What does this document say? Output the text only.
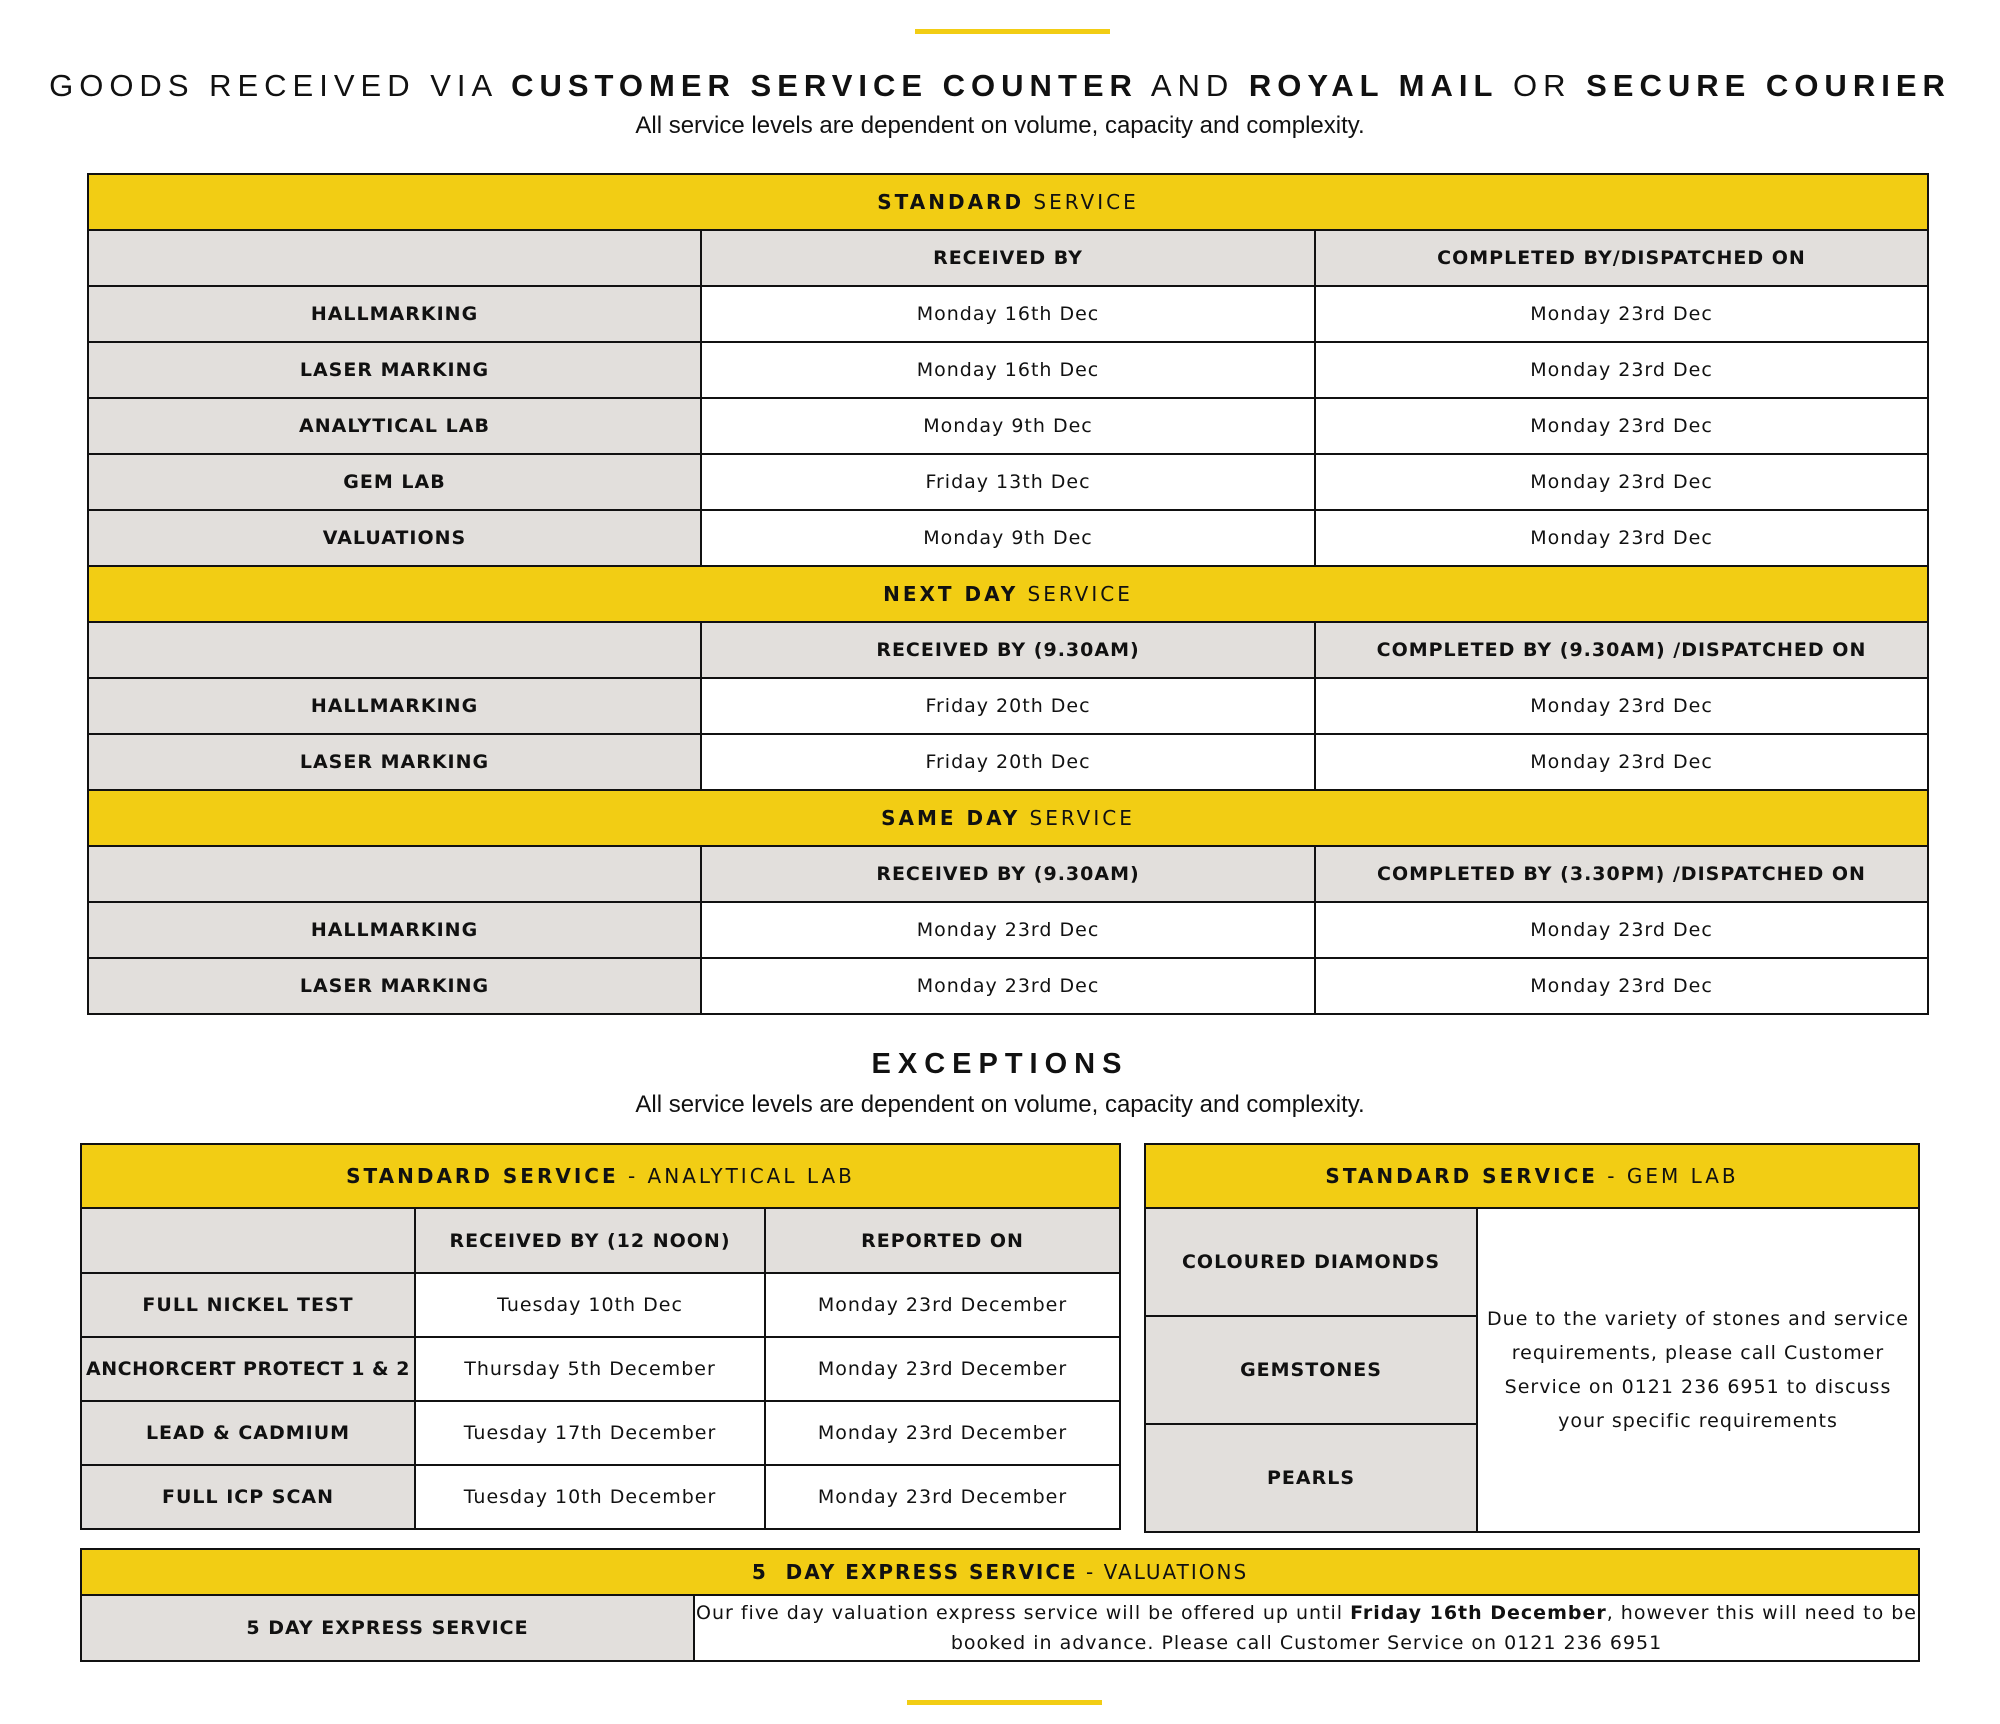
GOODS RECEIVED VIA CUSTOMER SERVICE COUNTER AND ROYAL MAIL OR SECURE COURIER
All service levels are dependent on volume, capacity and complexity.
STANDARD SERVICE		
	RECEIVED BY	COMPLETED BY/DISPATCHED ON
HALLMARKING	Monday 16th Dec	Monday 23rd Dec
LASER MARKING	Monday 16th Dec	Monday 23rd Dec
ANALYTICAL LAB	Monday 9th Dec	Monday 23rd Dec
GEM LAB	Friday 13th Dec	Monday 23rd Dec
VALUATIONS	Monday 9th Dec	Monday 23rd Dec
NEXT DAY SERVICE		
	RECEIVED BY (9.30AM)	COMPLETED BY (9.30AM) /DISPATCHED ON
HALLMARKING	Friday 20th Dec	Monday 23rd Dec
LASER MARKING	Friday 20th Dec	Monday 23rd Dec
SAME DAY SERVICE		
	RECEIVED BY (9.30AM)	COMPLETED BY (3.30PM) /DISPATCHED ON
HALLMARKING	Monday 23rd Dec	Monday 23rd Dec
LASER MARKING	Monday 23rd Dec	Monday 23rd Dec
EXCEPTIONS
All service levels are dependent on volume, capacity and complexity.
STANDARD SERVICE - ANALYTICAL LAB		
	RECEIVED BY (12 NOON)	REPORTED ON
FULL NICKEL TEST	Tuesday 10th Dec	Monday 23rd December
ANCHORCERT PROTECT 1 & 2	Thursday 5th December	Monday 23rd December
LEAD & CADMIUM	Tuesday 17th December	Monday 23rd December
FULL ICP SCAN	Tuesday 10th December	Monday 23rd December
STANDARD SERVICE - GEM LAB
COLOURED DIAMONDS	Due to the variety of stones and service requirements, please call Customer Service on 0121 236 6951 to discuss your specific requirements
GEMSTONES
PEARLS
5  DAY EXPRESS SERVICE - VALUATIONS
5 DAY EXPRESS SERVICE	Our five day valuation express service will be offered up until Friday 16th December, however this will need to be booked in advance. Please call Customer Service on 0121 236 6951
